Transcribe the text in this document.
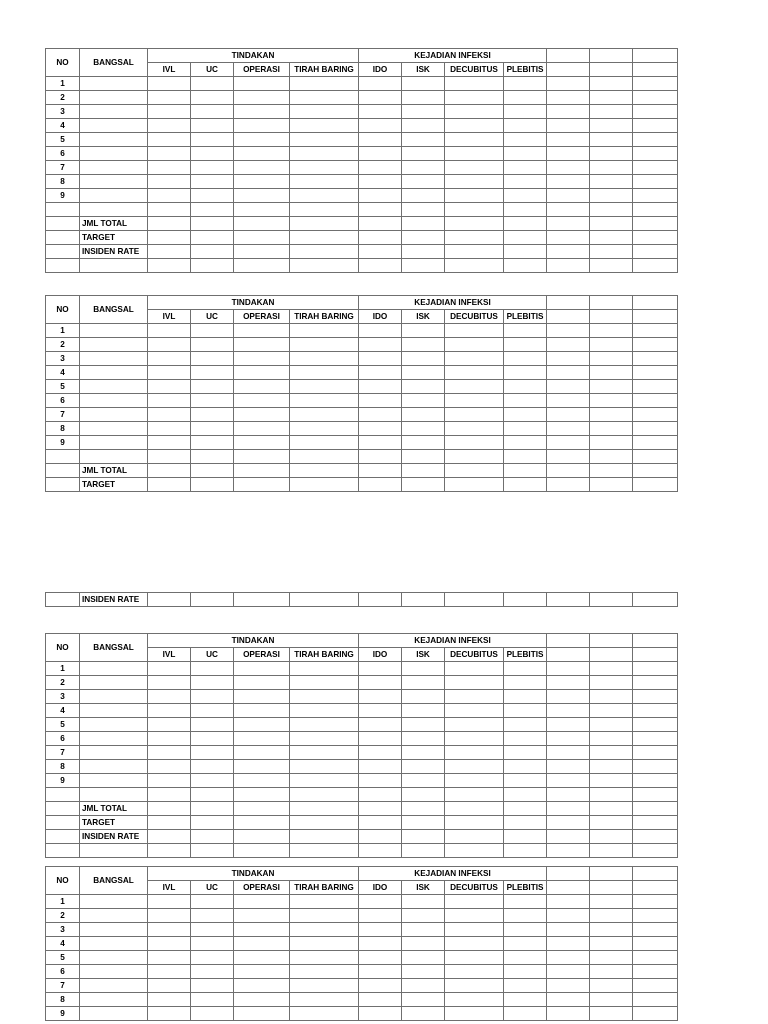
NO	BANGSAL	TINDAKAN				KEJADIAN INFEKSI						
		IVL	UC	OPERASI	TIRAH BARING	IDO	ISK	DECUBITUS	PLEBITIS			
1												
2												
3												
4												
5												
6												
7												
8												
9												

	JML TOTAL											
	TARGET											
	INSIDEN RATE											

NO	BANGSAL	TINDAKAN				KEJADIAN INFEKSI						
		IVL	UC	OPERASI	TIRAH BARING	IDO	ISK	DECUBITUS	PLEBITIS			
1												
2												
3												
4												
5												
6												
7												
8												
9												

	JML TOTAL											
	TARGET											
	INSIDEN RATE											
NO	BANGSAL	TINDAKAN				KEJADIAN INFEKSI						
		IVL	UC	OPERASI	TIRAH BARING	IDO	ISK	DECUBITUS	PLEBITIS			
1												
2												
3												
4												
5												
6												
7												
8												
9												

	JML TOTAL											
	TARGET											
	INSIDEN RATE											

NO	BANGSAL	TINDAKAN				KEJADIAN INFEKSI						
		IVL	UC	OPERASI	TIRAH BARING	IDO	ISK	DECUBITUS	PLEBITIS			
1												
2												
3												
4												
5												
6												
7												
8												
9												
